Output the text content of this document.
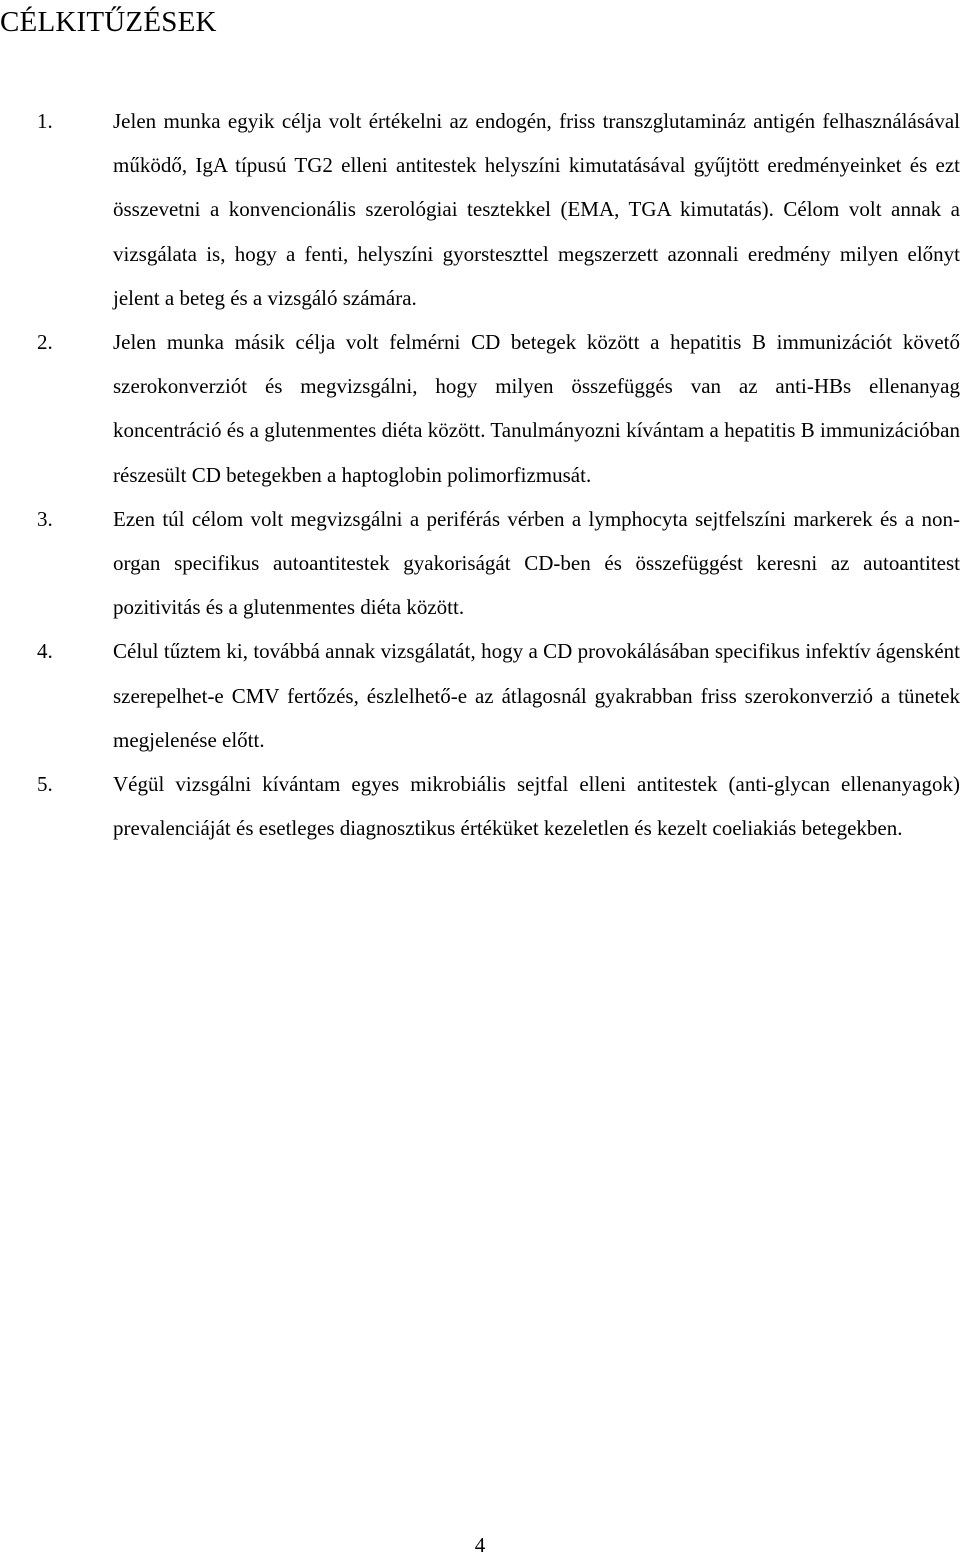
CÉLKITŰZÉSEK
1.	Jelen munka egyik célja volt értékelni az endogén, friss transzglutamináz antigén felhasználásával működő, IgA típusú TG2 elleni antitestek helyszíni kimutatásával gyűjtött eredményeinket és ezt összevetni a konvencionális szerológiai tesztekkel (EMA, TGA kimutatás). Célom volt annak a vizsgálata is, hogy a fenti, helyszíni gyorsteszttel megszerzett azonnali eredmény milyen előnyt jelent a beteg és a vizsgáló számára.
2.	Jelen munka másik célja volt felmérni CD betegek között a hepatitis B immunizációt követő szerokonverziót és megvizsgálni, hogy milyen összefüggés van az anti-HBs ellenanyag koncentráció és a glutenmentes diéta között. Tanulmányozni kívántam a hepatitis B immunizációban részesült CD betegekben a haptoglobin polimorfizmusát.
3.	Ezen túl célom volt megvizsgálni a periférás vérben a lymphocyta sejtfelszíni markerek és a non-organ specifikus autoantitestek gyakoriságát CD-ben és összefüggést keresni az autoantitest pozitivitás és a glutenmentes diéta között.
4.	Célul tűztem ki, továbbá annak vizsgálatát, hogy a CD provokálásában specifikus infektív ágensként szerepelhet-e CMV fertőzés, észlelhető-e az átlagosnál gyakrabban friss szerokonverzió a tünetek megjelenése előtt.
5.	Végül vizsgálni kívántam egyes mikrobiális sejtfal elleni antitestek (anti-glycan ellenanyagok) prevalenciáját és esetleges diagnosztikus értéküket kezeletlen és kezelt coeliakiás betegekben.
4
